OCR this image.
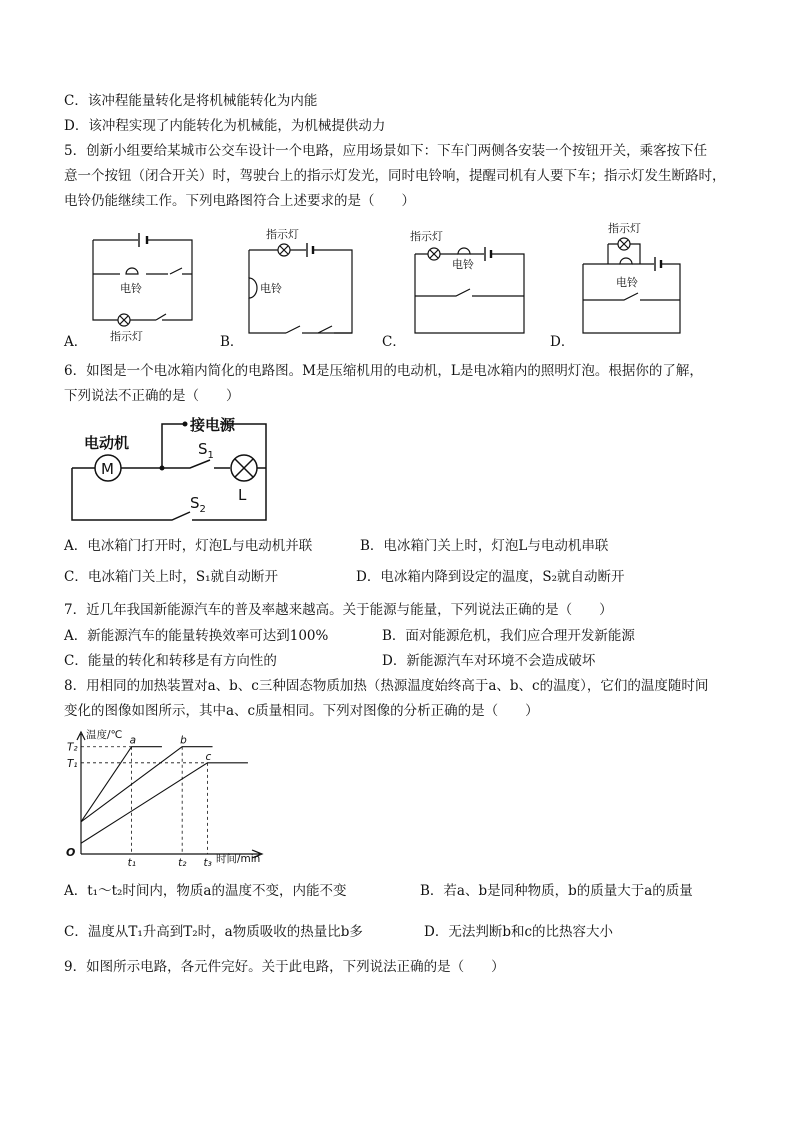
C．该冲程能量转化是将机械能转化为内能
D．该冲程实现了内能转化为机械能，为机械提供动力
5．创新小组要给某城市公交车设计一个电路，应用场景如下：下车门两侧各安装一个按钮开关，乘客按下任
意一个按钮（闭合开关）时，驾驶台上的指示灯发光，同时电铃响，提醒司机有人要下车；指示灯发生断路时，
电铃仍能继续工作。下列电路图符合上述要求的是（　　）
电铃
指示灯
A．
指示灯
电铃
B．
指示灯
电铃
C．
指示灯
电铃
D．
6．如图是一个电冰箱内简化的电路图。M是压缩机用的电动机，L是电冰箱内的照明灯泡。根据你的了解，
下列说法不正确的是（　　）
电动机
接电源
M
L
$S_1$
$S_2$
A．电冰箱门打开时，灯泡L与电动机并联	B．电冰箱门关上时，灯泡L与电动机串联
C．电冰箱门关上时，S₁就自动断开	D．电冰箱内降到设定的温度，S₂就自动断开
7．近几年我国新能源汽车的普及率越来越高。关于能源与能量，下列说法正确的是（　　）
A．新能源汽车的能量转换效率可达到100%	B．面对能源危机，我们应合理开发新能源
C．能量的转化和转移是有方向性的	D．新能源汽车对环境不会造成破坏
8．用相同的加热装置对a、b、c三种固态物质加热（热源温度始终高于a、b、c的温度），它们的温度随时间
变化的图像如图所示，其中a、c质量相同。下列对图像的分析正确的是（　　）
温度/℃
时间/min
O
t₁	t₂ t₃
T₁
T₂
a	b
c
A．t₁～t₂时间内，物质a的温度不变，内能不变	B．若a、b是同种物质，b的质量大于a的质量
C．温度从T₁升高到T₂时，a物质吸收的热量比b多	D．无法判断b和c的比热容大小
9．如图所示电路，各元件完好。关于此电路，下列说法正确的是（　　）
